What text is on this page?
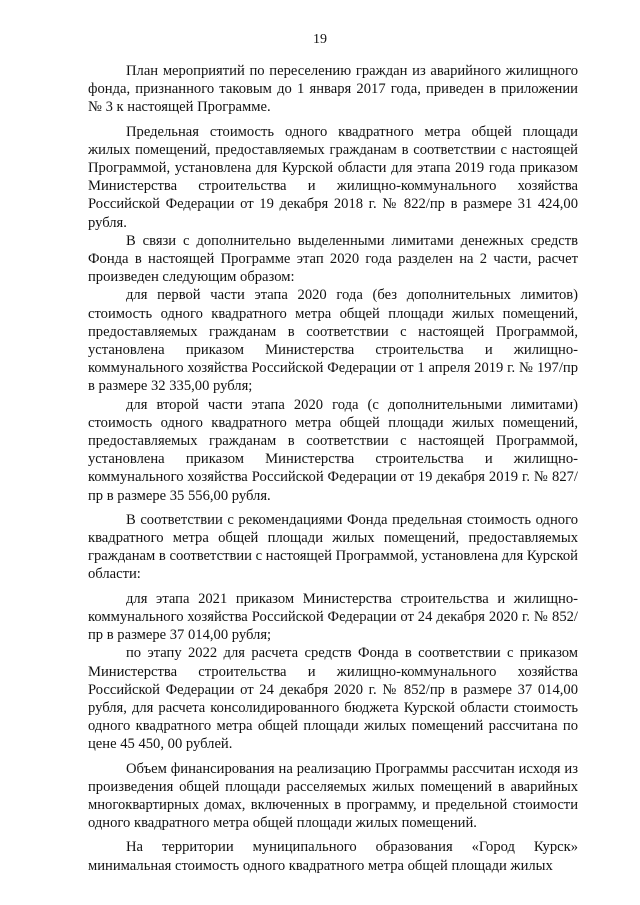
19

План мероприятий по переселению граждан из аварийного жилищного фонда, признанного таковым до 1 января 2017 года, приведен в приложении № 3 к настоящей Программе.

Предельная стоимость одного квадратного метра общей площади жилых помещений, предоставляемых гражданам в соответствии с настоящей Программой, установлена для Курской области для этапа 2019 года приказом Министерства строительства и жилищно-коммунального хозяйства Российской Федерации от 19 декабря 2018 г. № 822/пр в размере 31 424,00 рубля.

В связи с дополнительно выделенными лимитами денежных средств Фонда в настоящей Программе этап 2020 года разделен на 2 части, расчет произведен следующим образом:

для первой части этапа 2020 года (без дополнительных лимитов) стоимость одного квадратного метра общей площади жилых помещений, предоставляемых гражданам в соответствии с настоящей Программой, установлена приказом Министерства строительства и жилищно-коммунального хозяйства Российской Федерации от 1 апреля 2019 г. № 197/пр в размере 32 335,00 рубля;

для второй части этапа 2020 года (с дополнительными лимитами) стоимость одного квадратного метра общей площади жилых помещений, предоставляемых гражданам в соответствии с настоящей Программой, установлена приказом Министерства строительства и жилищно-коммунального хозяйства Российской Федерации от 19 декабря 2019 г. № 827/пр в размере 35 556,00 рубля.

В соответствии с рекомендациями Фонда предельная стоимость одного квадратного метра общей площади жилых помещений, предоставляемых гражданам в соответствии с настоящей Программой, установлена для Курской области:

для этапа 2021 приказом Министерства строительства и жилищно-коммунального хозяйства Российской Федерации от 24 декабря 2020 г. № 852/пр в размере 37 014,00 рубля;

по этапу 2022 для расчета средств Фонда в соответствии с приказом Министерства строительства и жилищно-коммунального хозяйства Российской Федерации от 24 декабря 2020 г. № 852/пр в размере 37 014,00 рубля, для расчета консолидированного бюджета Курской области стоимость одного квадратного метра общей площади жилых помещений рассчитана по цене 45 450, 00 рублей.

Объем финансирования на реализацию Программы рассчитан исходя из произведения общей площади расселяемых жилых помещений в аварийных многоквартирных домах, включенных в программу, и предельной стоимости одного квадратного метра общей площади жилых помещений.

На территории муниципального образования «Город Курск» минимальная стоимость одного квадратного метра общей площади жилых
